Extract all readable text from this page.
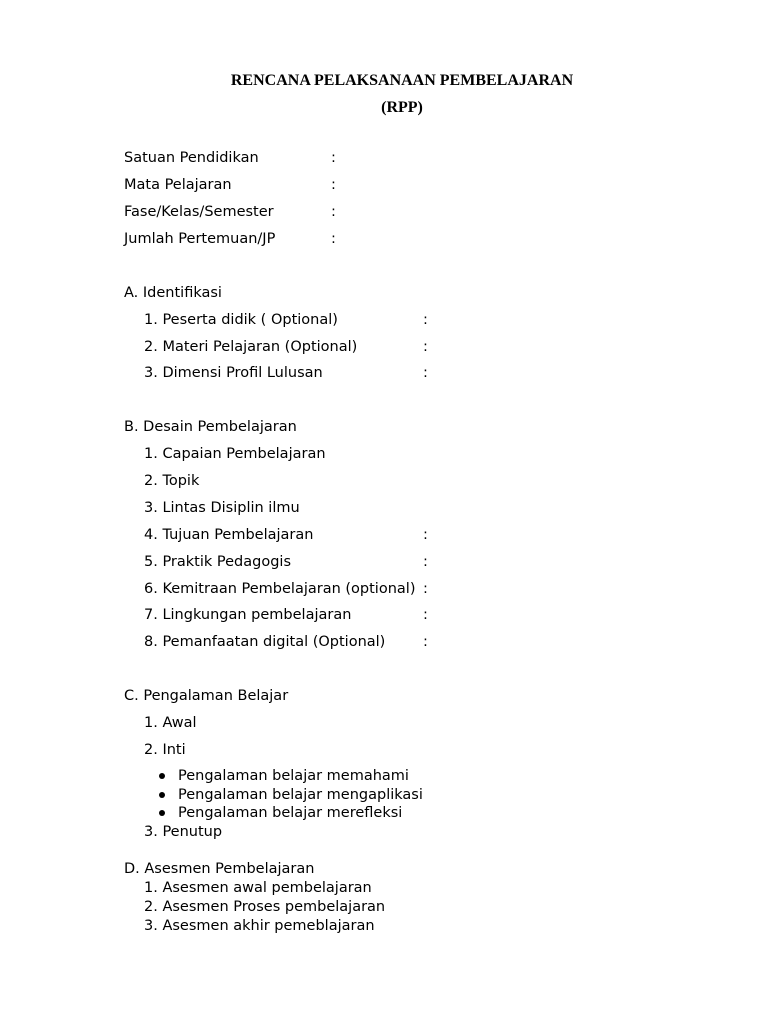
RENCANA PELAKSANAAN PEMBELAJARAN
(RPP)
Satuan Pendidikan	:
Mata Pelajaran	:
Fase/Kelas/Semester	:
Jumlah Pertemuan/JP	:
A. Identifikasi
1. Peserta didik ( Optional)	:
2. Materi Pelajaran (Optional)	:
3. Dimensi Profil Lulusan	:
B. Desain Pembelajaran
1. Capaian Pembelajaran
2. Topik
3. Lintas Disiplin ilmu
4. Tujuan Pembelajaran	:
5. Praktik Pedagogis	:
6. Kemitraan Pembelajaran (optional) :
7. Lingkungan pembelajaran	:
8. Pemanfaatan digital (Optional)	:
C. Pengalaman Belajar
1. Awal
2. Inti
Pengalaman belajar memahami
Pengalaman belajar mengaplikasi
Pengalaman belajar merefleksi
3. Penutup
D. Asesmen Pembelajaran
1. Asesmen awal pembelajaran
2. Asesmen Proses pembelajaran
3. Asesmen akhir pemeblajaran
